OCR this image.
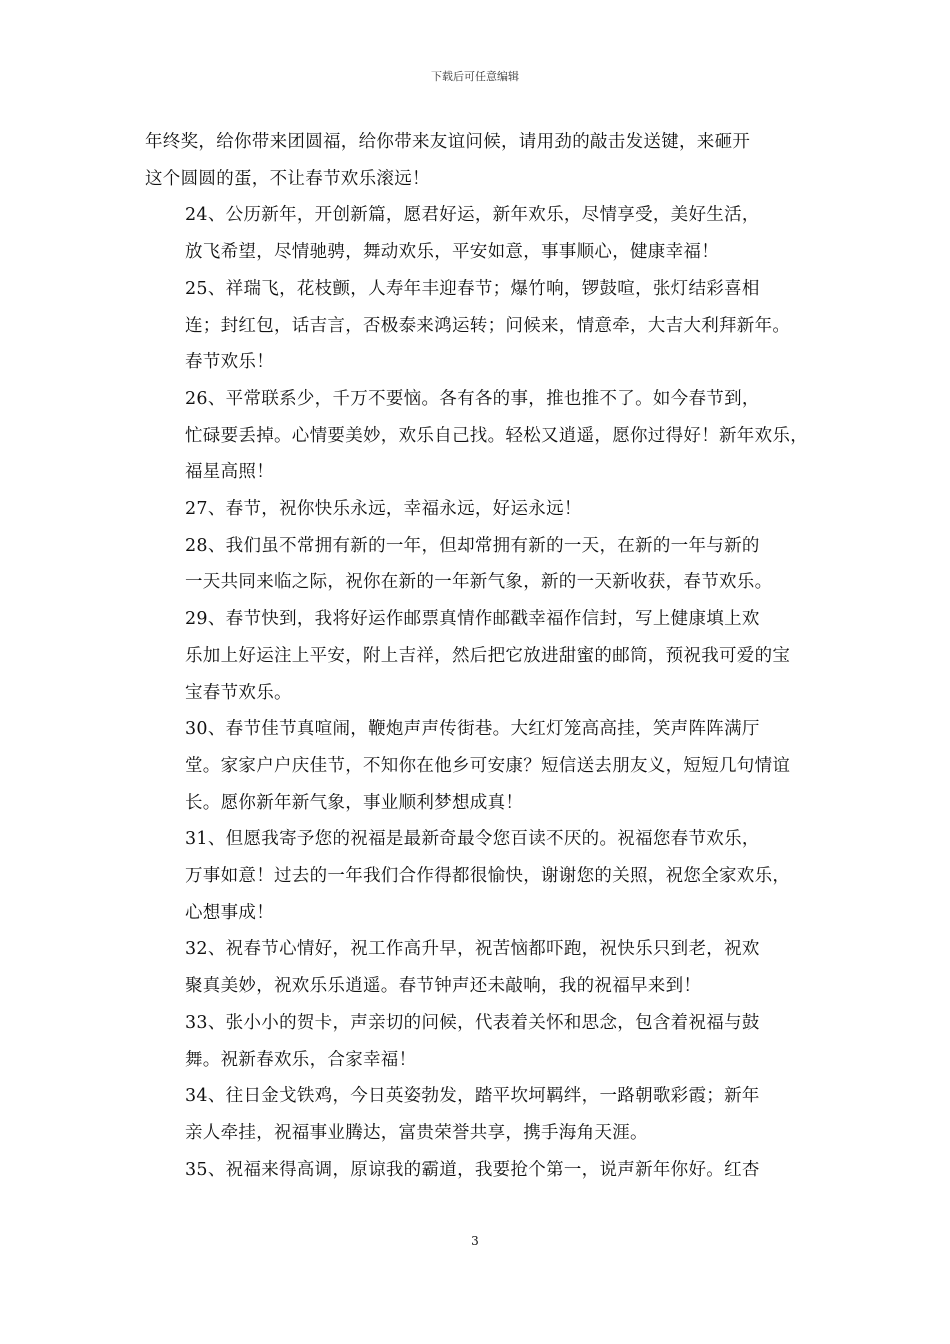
下载后可任意编辑

年终奖，给你带来团圆福，给你带来友谊问候，请用劲的敲击发送键，来砸开
这个圆圆的蛋，不让春节欢乐滚远！

24、公历新年，开创新篇，愿君好运，新年欢乐，尽情享受，美好生活，
放飞希望，尽情驰骋，舞动欢乐，平安如意，事事顺心，健康幸福！

25、祥瑞飞，花枝颤，人寿年丰迎春节；爆竹响，锣鼓喧，张灯结彩喜相
连；封红包，话吉言，否极泰来鸿运转；问候来，情意牵，大吉大利拜新年。
春节欢乐！

26、平常联系少，千万不要恼。各有各的事，推也推不了。如今春节到，
忙碌要丢掉。心情要美妙，欢乐自己找。轻松又逍遥，愿你过得好！新年欢乐，
福星高照！

27、春节，祝你快乐永远，幸福永远，好运永远！

28、我们虽不常拥有新的一年，但却常拥有新的一天，在新的一年与新的
一天共同来临之际，祝你在新的一年新气象，新的一天新收获，春节欢乐。

29、春节快到，我将好运作邮票真情作邮戳幸福作信封，写上健康填上欢
乐加上好运注上平安，附上吉祥，然后把它放进甜蜜的邮筒，预祝我可爱的宝
宝春节欢乐。

30、春节佳节真喧闹，鞭炮声声传街巷。大红灯笼高高挂，笑声阵阵满厅
堂。家家户户庆佳节，不知你在他乡可安康？短信送去朋友义，短短几句情谊
长。愿你新年新气象，事业顺利梦想成真！

31、但愿我寄予您的祝福是最新奇最令您百读不厌的。祝福您春节欢乐，
万事如意！过去的一年我们合作得都很愉快，谢谢您的关照，祝您全家欢乐，
心想事成！

32、祝春节心情好，祝工作高升早，祝苦恼都吓跑，祝快乐只到老，祝欢
聚真美妙，祝欢乐乐逍遥。春节钟声还未敲响，我的祝福早来到！

33、张小小的贺卡，声亲切的问候，代表着关怀和思念，包含着祝福与鼓
舞。祝新春欢乐，合家幸福！

34、往日金戈铁鸡，今日英姿勃发，踏平坎坷羁绊，一路朝歌彩霞；新年
亲人牵挂，祝福事业腾达，富贵荣誉共享，携手海角天涯。

35、祝福来得高调，原谅我的霸道，我要抢个第一，说声新年你好。红杏

3
